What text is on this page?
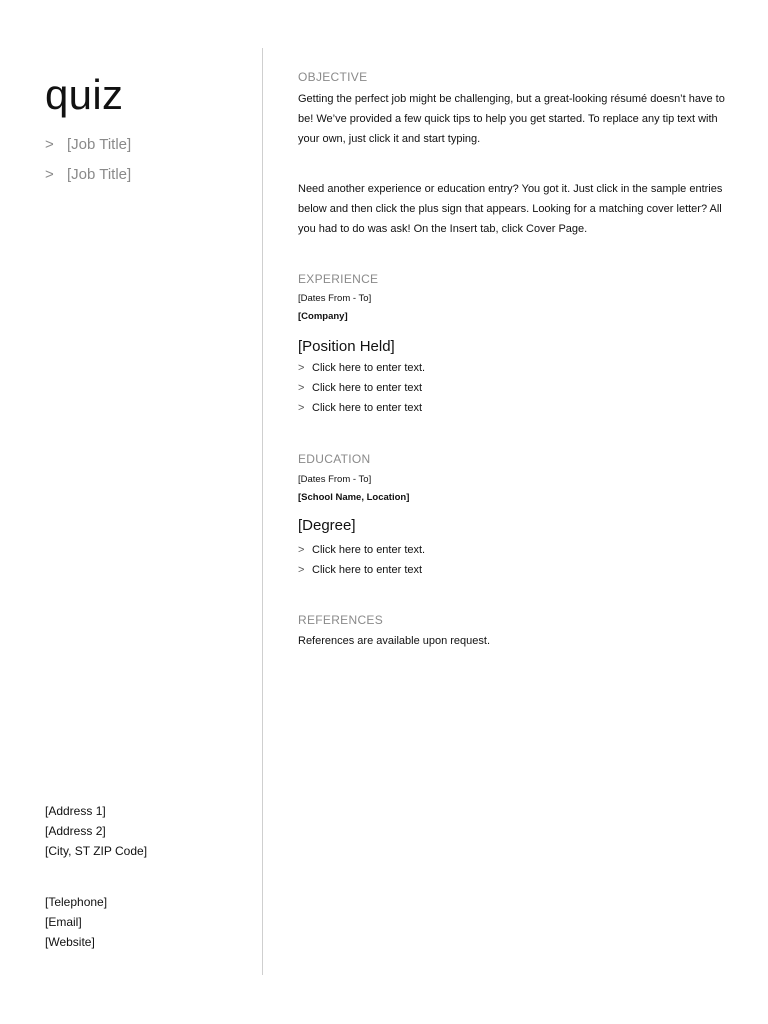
quiz
> [Job Title]
> [Job Title]
[Address 1]
[Address 2]
[City, ST ZIP Code]
[Telephone]
[Email]
[Website]
OBJECTIVE
Getting the perfect job might be challenging, but a great-looking résumé doesn’t have to be! We’ve provided a few quick tips to help you get started. To replace any tip text with your own, just click it and start typing.
Need another experience or education entry? You got it. Just click in the sample entries below and then click the plus sign that appears. Looking for a matching cover letter? All you had to do was ask! On the Insert tab, click Cover Page.
EXPERIENCE
[Dates From - To]
[Company]
[Position Held]
> Click here to enter text.
> Click here to enter text
> Click here to enter text
EDUCATION
[Dates From - To]
[School Name, Location]
[Degree]
> Click here to enter text.
> Click here to enter text
REFERENCES
References are available upon request.
